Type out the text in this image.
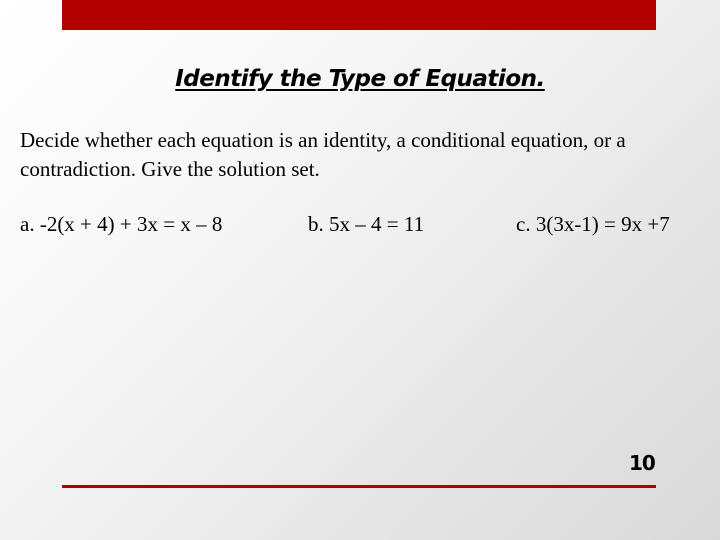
Identify the Type of Equation.
Decide whether each equation is an identity, a conditional equation, or a contradiction. Give the solution set.
a. -2(x + 4) + 3x = x – 8	b. 5x – 4 = 11	c. 3(3x-1) = 9x +7
10
